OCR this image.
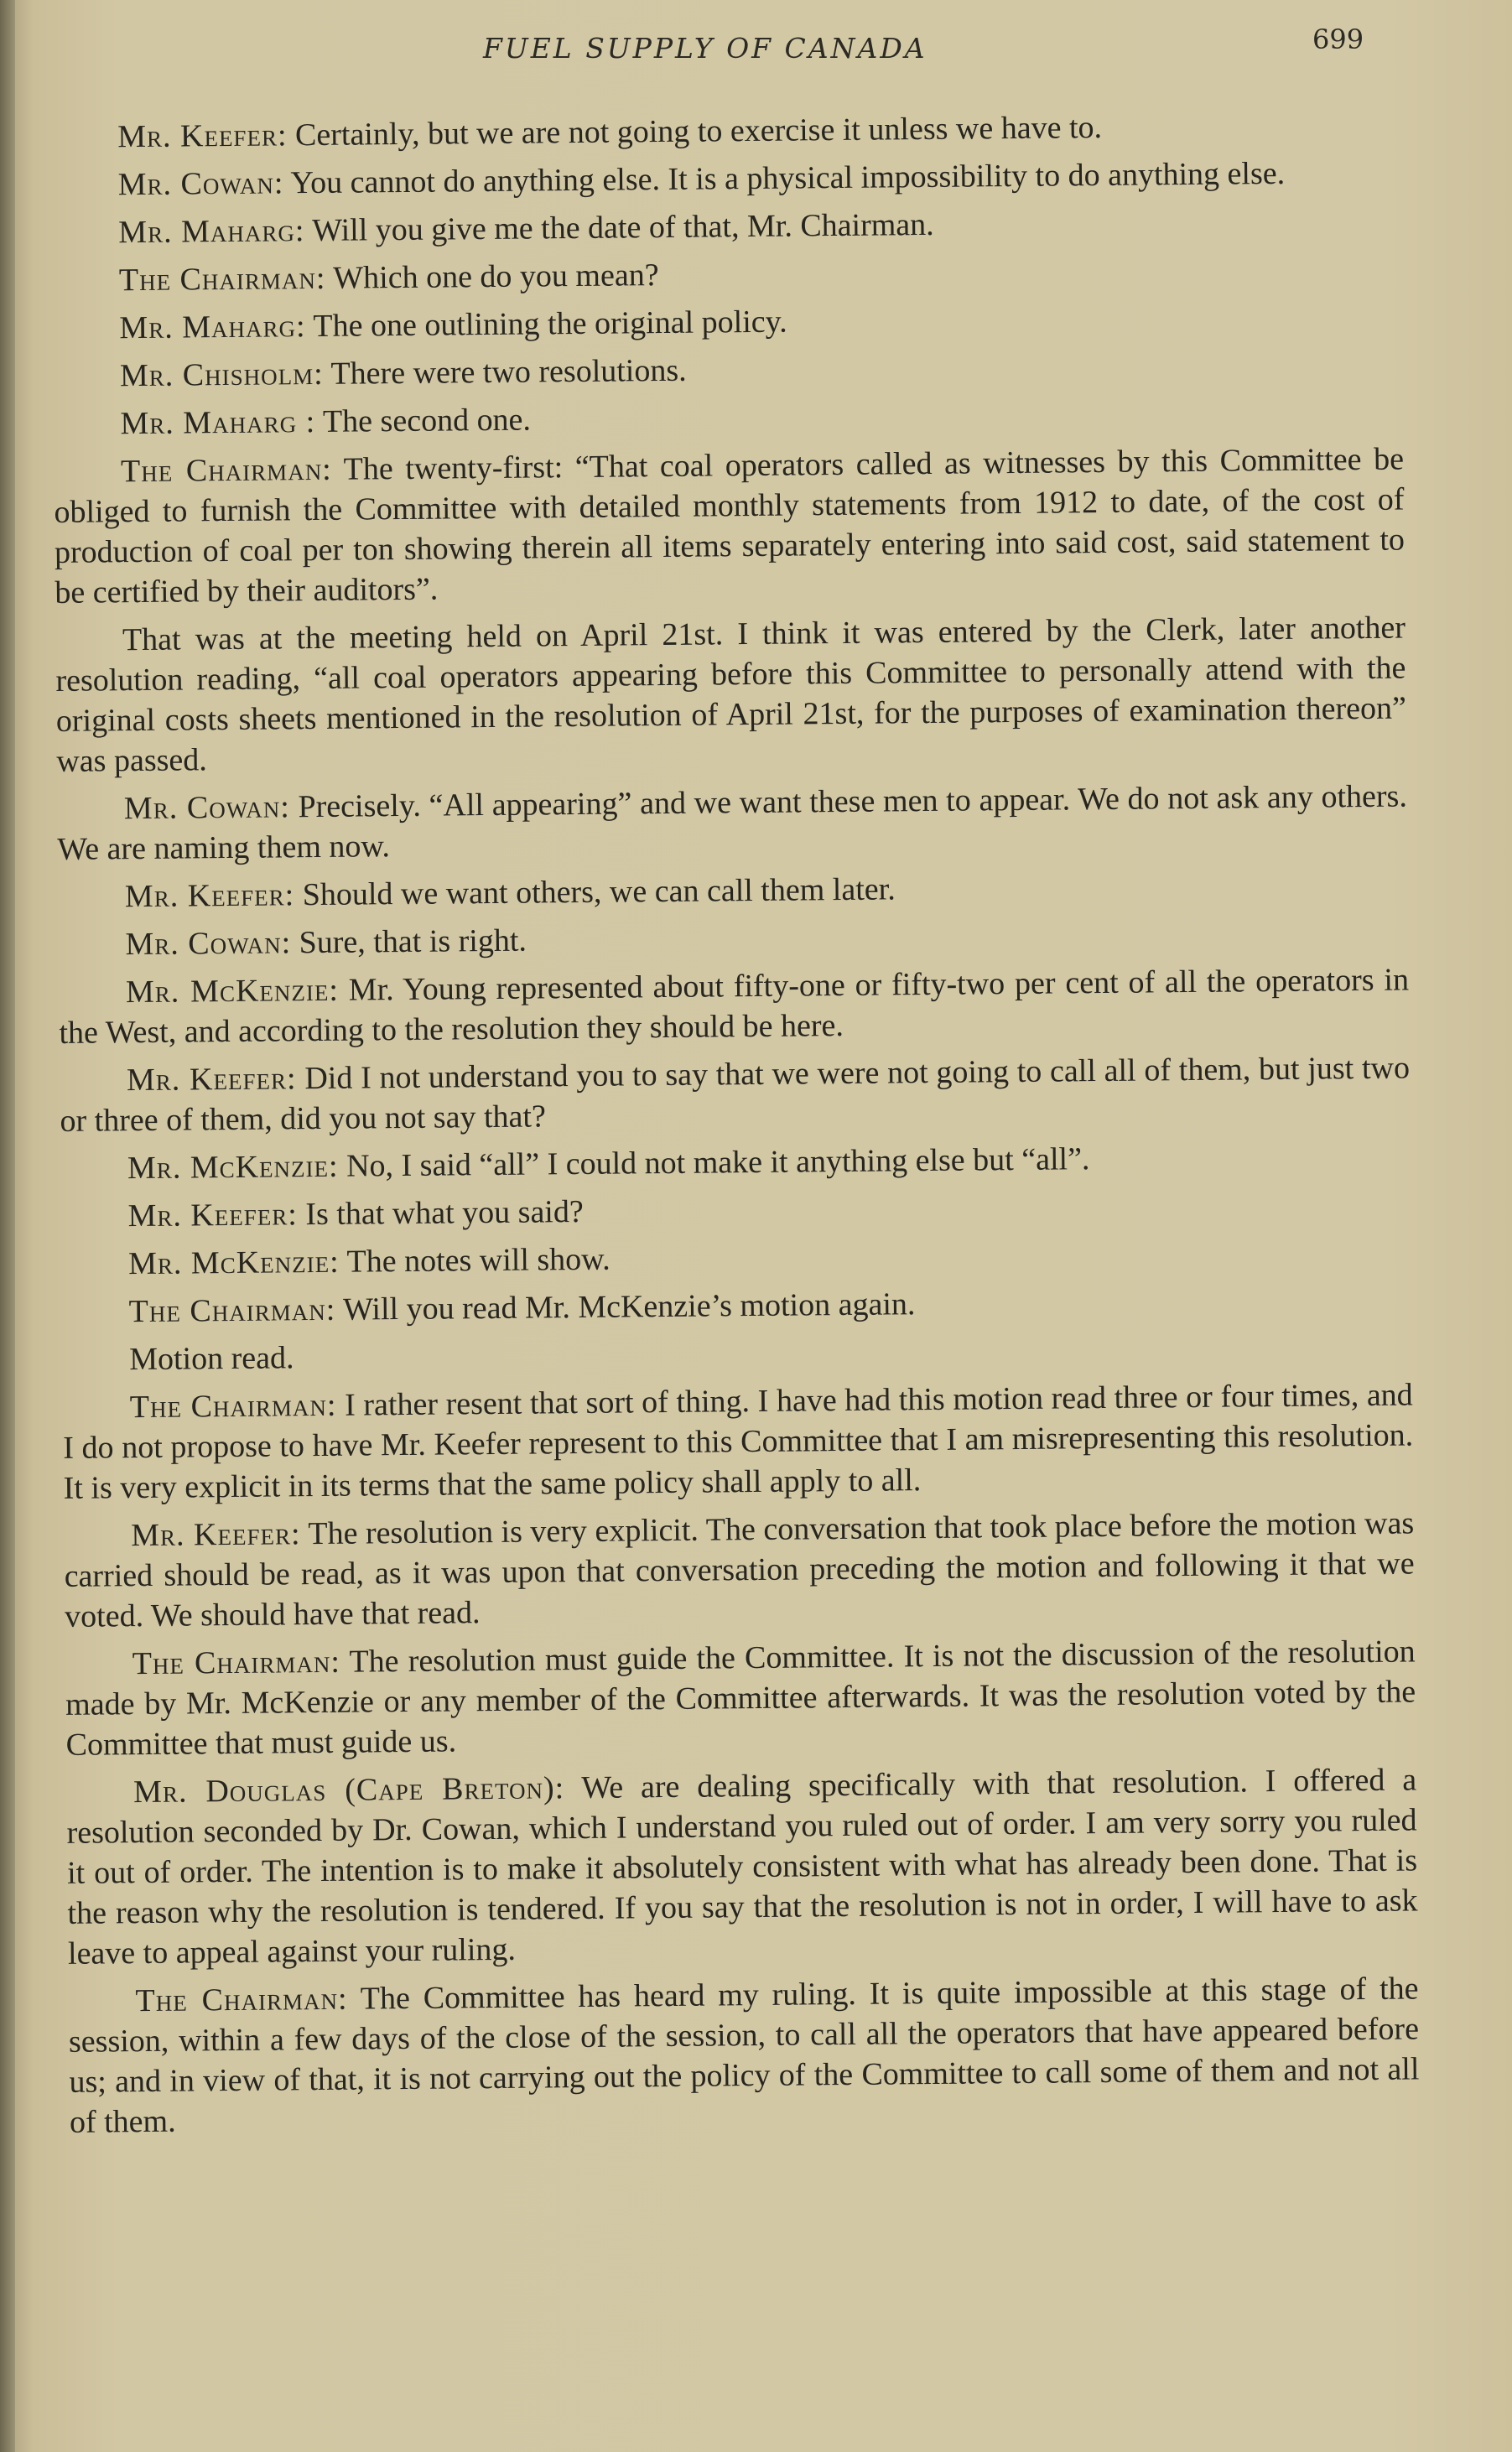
FUEL SUPPLY OF CANADA	699

Mr. Keefer: Certainly, but we are not going to exercise it unless we have to.

Mr. Cowan: You cannot do anything else. It is a physical impossibility to do anything else.

Mr. Maharg: Will you give me the date of that, Mr. Chairman.

The Chairman: Which one do you mean?

Mr. Maharg: The one outlining the original policy.

Mr. Chisholm: There were two resolutions.

Mr. Maharg : The second one.

The Chairman: The twenty-first: “That coal operators called as witnesses by this Committee be obliged to furnish the Committee with detailed monthly statements from 1912 to date, of the cost of production of coal per ton showing therein all items separately entering into said cost, said statement to be certified by their auditors”.

That was at the meeting held on April 21st. I think it was entered by the Clerk, later another resolution reading, “all coal operators appearing before this Committee to personally attend with the original costs sheets mentioned in the resolution of April 21st, for the purposes of examination thereon” was passed.

Mr. Cowan: Precisely. “All appearing” and we want these men to appear. We do not ask any others. We are naming them now.

Mr. Keefer: Should we want others, we can call them later.

Mr. Cowan: Sure, that is right.

Mr. McKenzie: Mr. Young represented about fifty-one or fifty-two per cent of all the operators in the West, and according to the resolution they should be here.

Mr. Keefer: Did I not understand you to say that we were not going to call all of them, but just two or three of them, did you not say that?

Mr. McKenzie: No, I said “all” I could not make it anything else but “all”.

Mr. Keefer: Is that what you said?

Mr. McKenzie: The notes will show.

The Chairman: Will you read Mr. McKenzie’s motion again.

Motion read.

The Chairman: I rather resent that sort of thing. I have had this motion read three or four times, and I do not propose to have Mr. Keefer represent to this Committee that I am misrepresenting this resolution. It is very explicit in its terms that the same policy shall apply to all.

Mr. Keefer: The resolution is very explicit. The conversation that took place before the motion was carried should be read, as it was upon that conversation preceding the motion and following it that we voted. We should have that read.

The Chairman: The resolution must guide the Committee. It is not the discussion of the resolution made by Mr. McKenzie or any member of the Committee afterwards. It was the resolution voted by the Committee that must guide us.

Mr. Douglas (Cape Breton): We are dealing specifically with that resolution. I offered a resolution seconded by Dr. Cowan, which I understand you ruled out of order. I am very sorry you ruled it out of order. The intention is to make it absolutely consistent with what has already been done. That is the reason why the resolution is tendered. If you say that the resolution is not in order, I will have to ask leave to appeal against your ruling.

The Chairman: The Committee has heard my ruling. It is quite impossible at this stage of the session, within a few days of the close of the session, to call all the operators that have appeared before us; and in view of that, it is not carrying out the policy of the Committee to call some of them and not all of them.
